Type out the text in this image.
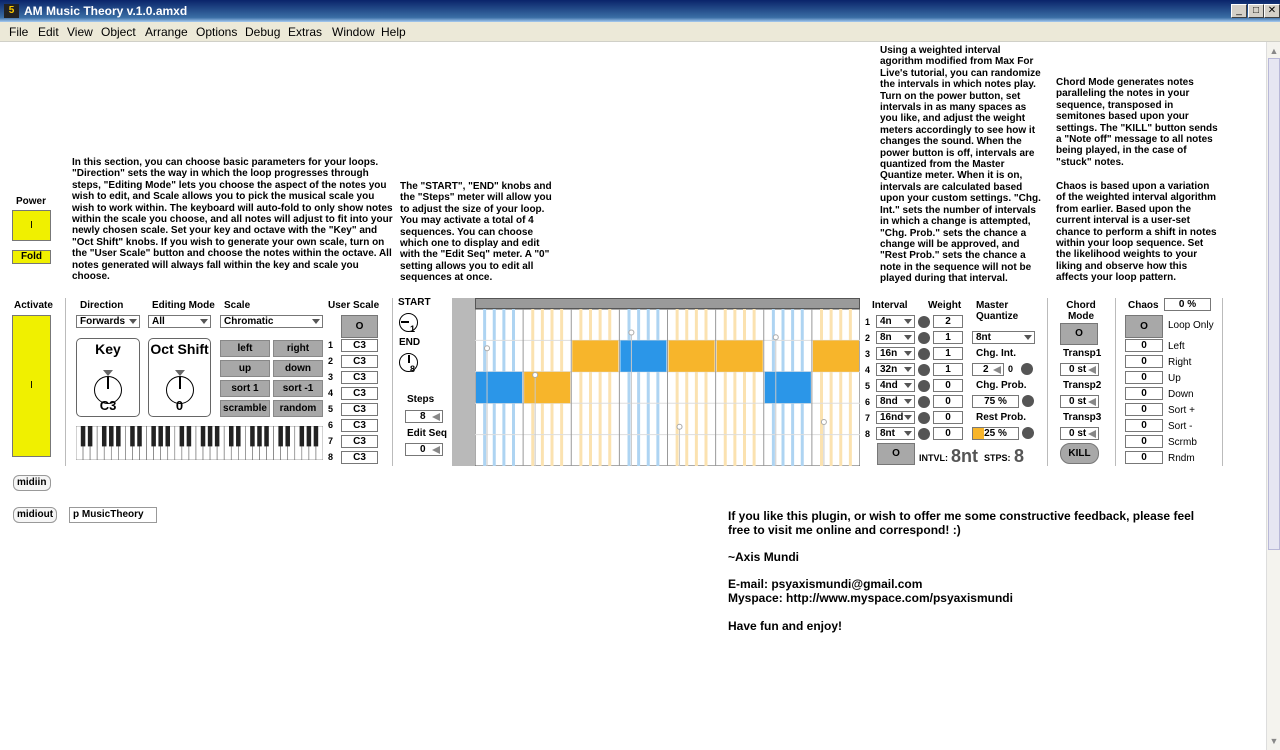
AM Music Theory v.1.0.amxd
5	_	□ ✕
File Edit View Object Arrange Options Debug Extras Window Help
▲
▼
In this section, you can choose basic parameters for your loops. "Direction" sets the way in which the loop progresses through steps, "Editing Mode" lets you choose the aspect of the notes you wish to edit, and Scale allows you to pick the musical scale you wish to work within. The keyboard will auto-fold to only show notes within the scale you choose, and all notes will adjust to fit into your newly chosen scale. Set your key and octave with the "Key" and "Oct Shift" knobs. If you wish to generate your own scale, turn on the "User Scale" button and choose the notes within the octave. All notes generated will always fall within the key and scale you choose.
The "START", "END" knobs and the "Steps" meter will allow you to adjust the size of your loop. You may activate a total of 4 sequences. You can choose which one to display and edit with the "Edit Seq" meter. A "0" setting allows you to edit all sequences at once.
Using a weighted interval agorithm modified from Max For Live's tutorial, you can randomize the intervals in which notes play. Turn on the power button, set intervals in as many spaces as you like, and adjust the weight meters accordingly to see how it changes the sound. When the power button is off, intervals are quantized from the Master Quantize meter. When it is on, intervals are calculated based upon your custom settings. "Chg. Int." sets the number of intervals in which a change is attempted, "Chg. Prob." sets the chance a change will be approved, and "Rest Prob." sets the chance a note in the sequence will not be played during that interval.
Chord Mode generates notes paralleling the notes in your sequence, transposed in semitones based upon your settings. The "KILL" button sends a "Note off" message to all notes being played, in the case of "stuck" notes.
Chaos is based upon a variation of the weighted interval algorithm from earlier. Based upon the current interval is a user-set chance to perform a shift in notes within your loop sequence. Set the likelihood weights to your liking and observe how this affects your loop pattern.
Power
I
Fold
Activate
I
Direction
Forwards
Editing Mode
All
Scale
Chromatic
Key
C3
Oct Shift
0
left	right
up	down
sort 1	sort -1
scramble	random
User Scale
O
1	C3
2	C3
3	C3
4	C3
5	C3
6	C3
7	C3
8	C3
START
1
END
8
Steps
8
Edit Seq
0
Interval Weight
1 4n	2
2 8n	1
3 16n	1
4 32n	1
5 4nd	0
6 8nd	0
7 16nd	0
8 8nt	0
O	INTVL: 8nt STPS: 8
Master Quantize
8nt
Chg. Int.
2	0
Chg. Prob.
75 %
Rest Prob.
25 %
Chord Mode
O
Transp1
0 st
Transp2
0 st
Transp3
0 st
KILL
Chaos	0 %
O	Loop Only
0	Left
0	Right
0	Up
0	Down
0	Sort +
0	Sort -
0	Scrmb
0	Rndm
midiin
midiout	p MusicTheory	If you like this plugin, or wish to offer me some constructive feedback, please feel free to visit me online and correspond! :)
~Axis Mundi
E-mail: psyaxismundi@gmail.com
Myspace: http://www.myspace.com/psyaxismundi
Have fun and enjoy!
